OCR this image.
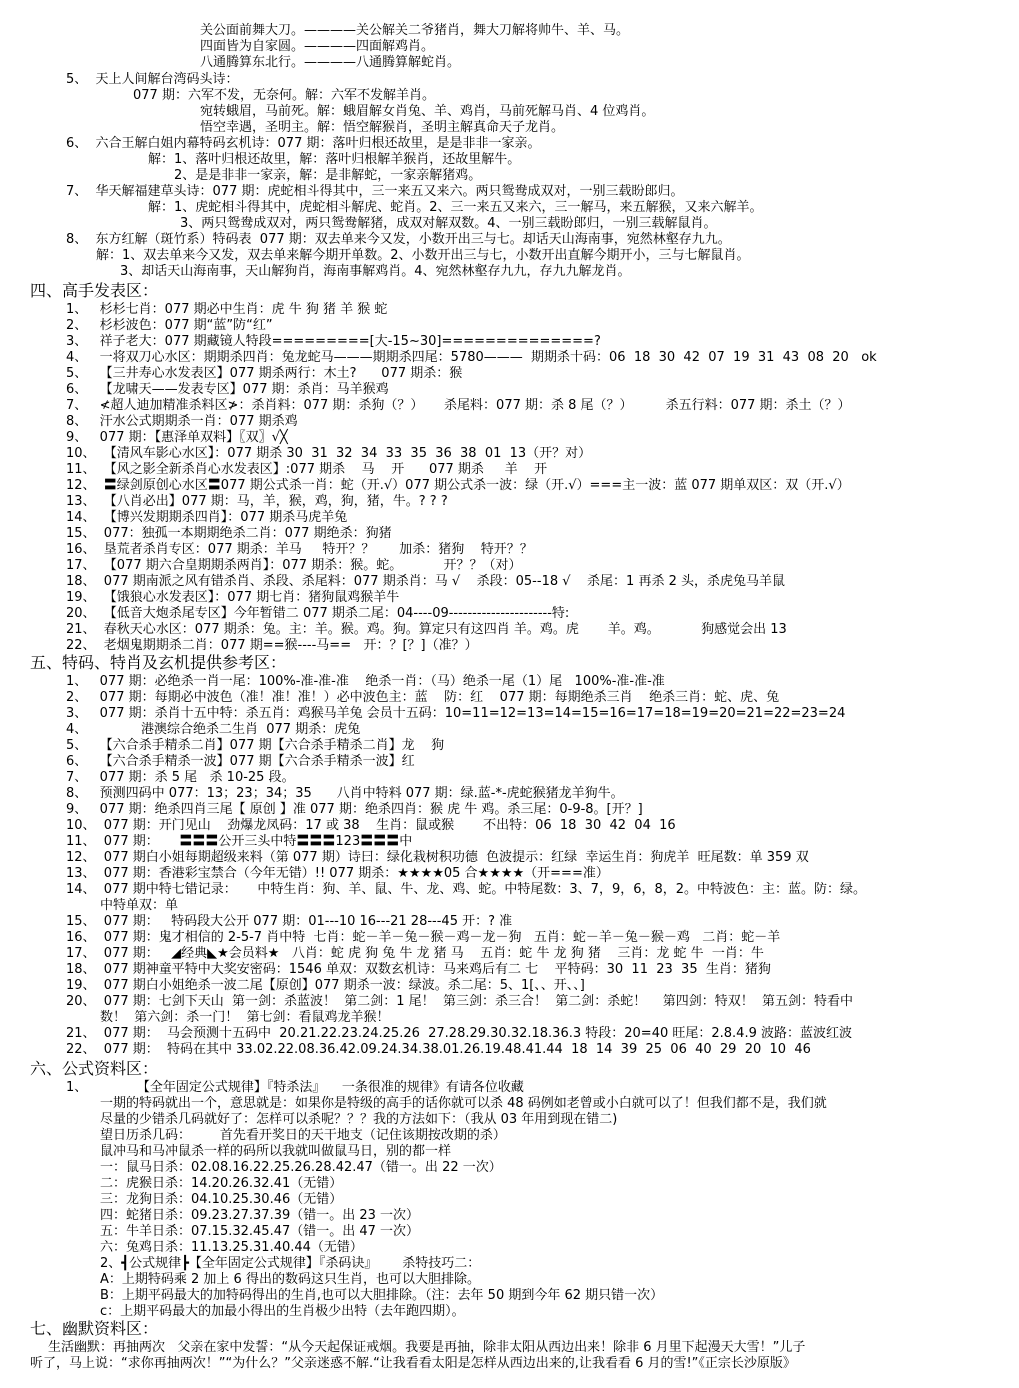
关公面前舞大刀。————关公解关二爷猪肖，舞大刀解将帅牛、羊、马。
四面皆为自家圆。————四面解鸡肖。
八通腾算东北行。————八通腾算解蛇肖。
5、  天上人间解台湾码头诗：
077 期：六军不发，无奈何。解：六军不发解羊肖。
宛转蛾眉，马前死。解：蛾眉解女肖兔、羊、鸡肖，马前死解马肖、4 位鸡肖。
悟空幸遇，圣明主。解：悟空解猴肖，圣明主解真命天子龙肖。
6、  六合王解白姐内幕特码玄机诗：077 期：落叶归根还故里，是是非非一家亲。
解：1、落叶归根还故里，解：落叶归根解羊猴肖，还故里解牛。
2、是是非非一家亲，解：是非解蛇，一家亲解猪鸡。
7、  华天解福建草头诗：077 期：虎蛇相斗得其中，三一来五又来六。两只鸳鸯成双对，一别三载盼郎归。
解：1、虎蛇相斗得其中，虎蛇相斗解虎、蛇肖。2、三一来五又来六，三一解马，来五解猴，又来六解羊。
3、两只鸳鸯成双对，两只鸳鸯解猪，成双对解双数。4、一别三载盼郎归，一别三载解鼠肖。
8、  东方红解（斑竹系）特码表  077 期：双去单来今又发，小数开出三与七。却话天山海南事，宛然林壑存九九。
解：1、双去单来今又发，双去单来解今期开单数。2、小数开出三与七，小数开出直解今期开小，三与七解鼠肖。
3、却话天山海南事，天山解狗肖，海南事解鸡肖。4、宛然林壑存九九，存九九解龙肖。
1、   杉杉七肖：077 期必中生肖：虎 牛 狗 猪 羊 猴 蛇
2、   杉杉波色：077 期“蓝”防“红”
3、   祥子老大：077 期藏镜人特段=========[大-15~30]==============?
4、   一将双刀心水区：期期杀四肖：兔龙蛇马———期期杀四尾：5780———  期期杀十码：06  18  30  42  07  19  31  43  08  20   ok
5、   【三井寿心水发表区】077 期杀两行：木土?      077 期杀：猴
6、   【龙啸天——发表专区】077 期：杀肖：马羊猴鸡
7、   ≮超人迪加精准杀料区≯：杀肖料：077 期：杀狗（？）     杀尾料：077 期：杀 8 尾（？）        杀五行料：077 期：杀土（？）
8、   汗水公式期期杀一肖：077 期杀鸡
9、   077 期：【惠泽单双料】〖双〗√╳
10、  【清风车影心水区】：077 期杀 30  31  32  34  33  35  36  38  01  13（开？对）
11、  【风之影全新杀肖心水发表区】:077 期杀    马    开      077 期杀     羊    开
12、  〓绿剑原创心水区〓077 期公式杀一肖：蛇（开.√）077 期公式杀一波：绿（开.√）===主一波：蓝 077 期单双区：双（开.√）
13、  【八肖必出】077 期：马，羊，猴，鸡，狗，猪，牛。? ? ?
14、  【博兴发期期杀四肖】：077 期杀马虎羊兔
15、  077：独孤一本期期绝杀二肖：077 期绝杀：狗猪
16、  垦荒者杀肖专区：077 期杀：羊马     特开？？      加杀：猪狗    特开？？
17、  【077 期六合皇期期杀两肖】：077 期杀：猴。蛇。          开？？（对）
18、  077 期南派之风有错杀肖、杀段、杀尾料：077 期杀肖：马 √    杀段：05--18 √    杀尾：1 再杀 2 头，杀虎兔马羊鼠
19、  【饿狼心水发表区】：077 期七肖：猪狗鼠鸡猴羊牛
20、  【低音大炮杀尾专区】今年暂错二 077 期杀二尾：04----09----------------------特:
21、  春秋天心水区：077 期杀：兔。主：羊。猴。鸡。狗。算定只有这四肖 羊。鸡。虎       羊。鸡。          狗感觉会出 13
22、  老烟鬼期期杀二肖：077 期==猴----马==   开：？[？]（准？）
1、   077 期：必绝杀一肖一尾：100%-准-准-准    绝杀一肖：（马）绝杀一尾（1）尾   100%-准-准-准
2、   077 期：每期必中波色（准！准！准！）必中波色主：蓝    防：红    077 期：每期绝杀三肖    绝杀三肖：蛇、虎、兔
3、   077 期：杀肖十五中特：杀五肖：鸡猴马羊兔 会员十五码：10=11=12=13=14=15=16=17=18=19=20=21=22=23=24
4、             港澳综合绝杀二生肖  077 期杀：虎兔
5、   【六合杀手精杀二肖】077 期【六合杀手精杀二肖】龙    狗
6、   【六合杀手精杀一波】077 期【六合杀手精杀一波】红
7、   077 期：杀 5 尾   杀 10-25 段。
8、   预测四码中 077：13；23；34；35      八肖中特料 077 期：绿.蓝-*-虎蛇猴猪龙羊狗牛。
9、   077 期：绝杀四肖三尾【 原创 】准 077 期：绝杀四肖：猴 虎 牛 鸡。杀三尾：0-9-8。[开？]
10、  077 期：开门见山    劲爆龙凤码：17 或 38    生肖：鼠或猴       不出特：06  18  30  42  04  16
11、  077 期：     〓〓〓公开三头中特〓〓〓123〓〓〓中
12、  077 期白小姐每期超级来料（第 077 期）诗曰：绿化栽树积功德  色波提示：红绿  幸运生肖：狗虎羊  旺尾数：单 359 双
13、  077 期：香港彩宝禁合（今年无错）!! 077 期杀：★★★★05 合★★★★（开===准）
14、  077 期中特七错记录：     中特生肖：狗、羊、鼠、牛、龙、鸡、蛇。中特尾数：3、7，9，6，8，2。中特波色：主：蓝。防：绿。
中特单双：单
15、  077 期：   特码段大公开 077 期：01---10 16---21 28---45 开：? 准
16、  077 期：鬼才相信的 2-5-7 肖中特  七肖：蛇－羊－兔－猴－鸡－龙－狗   五肖：蛇－羊－兔－猴－鸡   二肖：蛇－羊
17、  077 期：   ◢经典◣★会员料★   八肖：蛇 虎 狗 兔 牛 龙 猪 马    五肖：蛇 牛 龙 狗 猪    三肖：龙 蛇 牛  一肖：牛
18、  077 期神童平特中大奖安密码：1546 单双：双数玄机诗：马来鸡后有二 七    平特码：30  11  23  35  生肖：猪狗
19、  077 期白小姐绝杀一波二尾【原创】077 期杀一波：绿波。杀二尾：5、1[、、开、、]
20、  077 期：七剑下天山  第一剑：杀蓝波！  第二剑：1 尾！  第三剑：杀三合！  第二剑：杀蛇！    第四剑：特双！  第五剑：特看中
数！  第六剑：杀一门！  第七剑：看鼠鸡龙羊猴！
21、  077 期：  马会预测十五码中  20.21.22.23.24.25.26  27.28.29.30.32.18.36.3 特段：20=40 旺尾：2.8.4.9 波路：蓝波红波
22、  077 期：  特码在其中 33.02.22.08.36.42.09.24.34.38.01.26.19.48.41.44  18  14  39  25  06  40  29  20  10  46
1、            【全年固定公式规律】『特杀法』    一条很准的规律》有请各位收藏
一期的特码就出一个，意思就是：如果你是特级的高手的话你就可以杀 48 码例如老曾或小白就可以了！但我们都不是，我们就
尽量的少错杀几码就好了：怎样可以杀呢？？？我的方法如下：（我从 03 年用到现在错二)
望日历杀几码：       首先看开奖日的天干地支（记住该期按改期的杀）
鼠冲马和马冲鼠杀一样的码所以我就叫做鼠马日，别的都一样
一：鼠马日杀：02.08.16.22.25.26.28.42.47（错一。出 22 一次）
二：虎猴日杀：14.20.26.32.41（无错）
三：龙狗日杀：04.10.25.30.46（无错）
四：蛇猪日杀：09.23.27.37.39（错一。出 23 一次）
五：牛羊日杀：07.15.32.45.47（错一。出 47 一次）
六：兔鸡日杀：11.13.25.31.40.44（无错）
2、┫公式规律┣【全年固定公式规律】『杀码诀』      杀特技巧二：
A：上期特码乘 2 加上 6 得出的数码这只生肖，也可以大胆排除。
B：上期平码最大的加特码得出的生肖,也可以大胆排除。（注：去年 50 期到今年 62 期只错一次）
c：上期平码最大的加最小得出的生肖极少出特（去年跑四期）。
生活幽默：再抽两次   父亲在家中发誓：“从今天起保证戒烟。我要是再抽，除非太阳从西边出来！除非 6 月里下起漫天大雪！”儿子
听了，马上说：“求你再抽两次！”“为什么？”父亲迷惑不解.“让我看看太阳是怎样从西边出来的,让我看看 6 月的雪!”《正宗长沙原版》
四、高手发表区：
五、特码、特肖及玄机提供参考区：
六、公式资料区：
七、幽默资料区：
